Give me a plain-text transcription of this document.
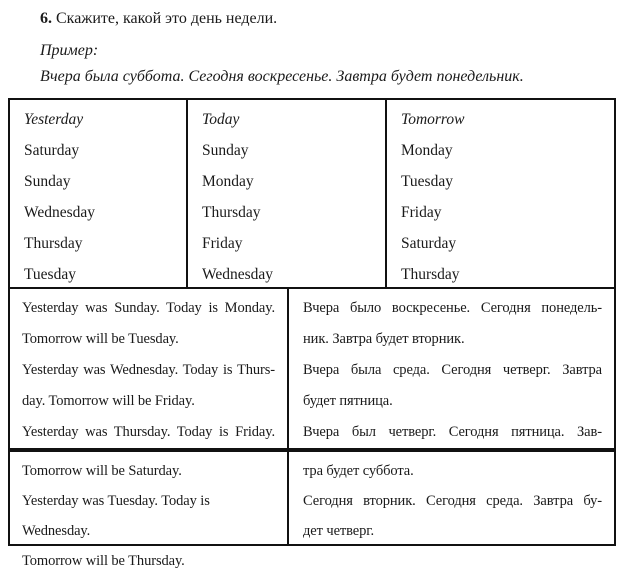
6. Скажите, какой это день недели.
Пример:
Вчера была суббота. Сегодня воскресенье. Завтра будет понедельник.
Yesterday
Saturday
Sunday
Wednesday
Thursday
Tuesday
Today
Sunday
Monday
Thursday
Friday
Wednesday
Tomorrow
Monday
Tuesday
Friday
Saturday
Thursday
Yesterday was Sunday. Today is Monday.
Tomorrow will be Tuesday.
Yesterday was Wednesday. Today is Thurs-
day. Tomorrow will be Friday.
Yesterday was Thursday. Today is Friday.
Вчера было воскресенье. Сегодня понедель-
ник. Завтра будет вторник.
Вчера была среда. Сегодня четверг. Завтра
будет пятница.
Вчера был четверг. Сегодня пятница. Зав-
Tomorrow will be Saturday.
Yesterday was Tuesday. Today is Wednesday.
Tomorrow will be Thursday.
тра будет суббота.
Сегодня вторник. Сегодня среда. Завтра бу-
дет четверг.
